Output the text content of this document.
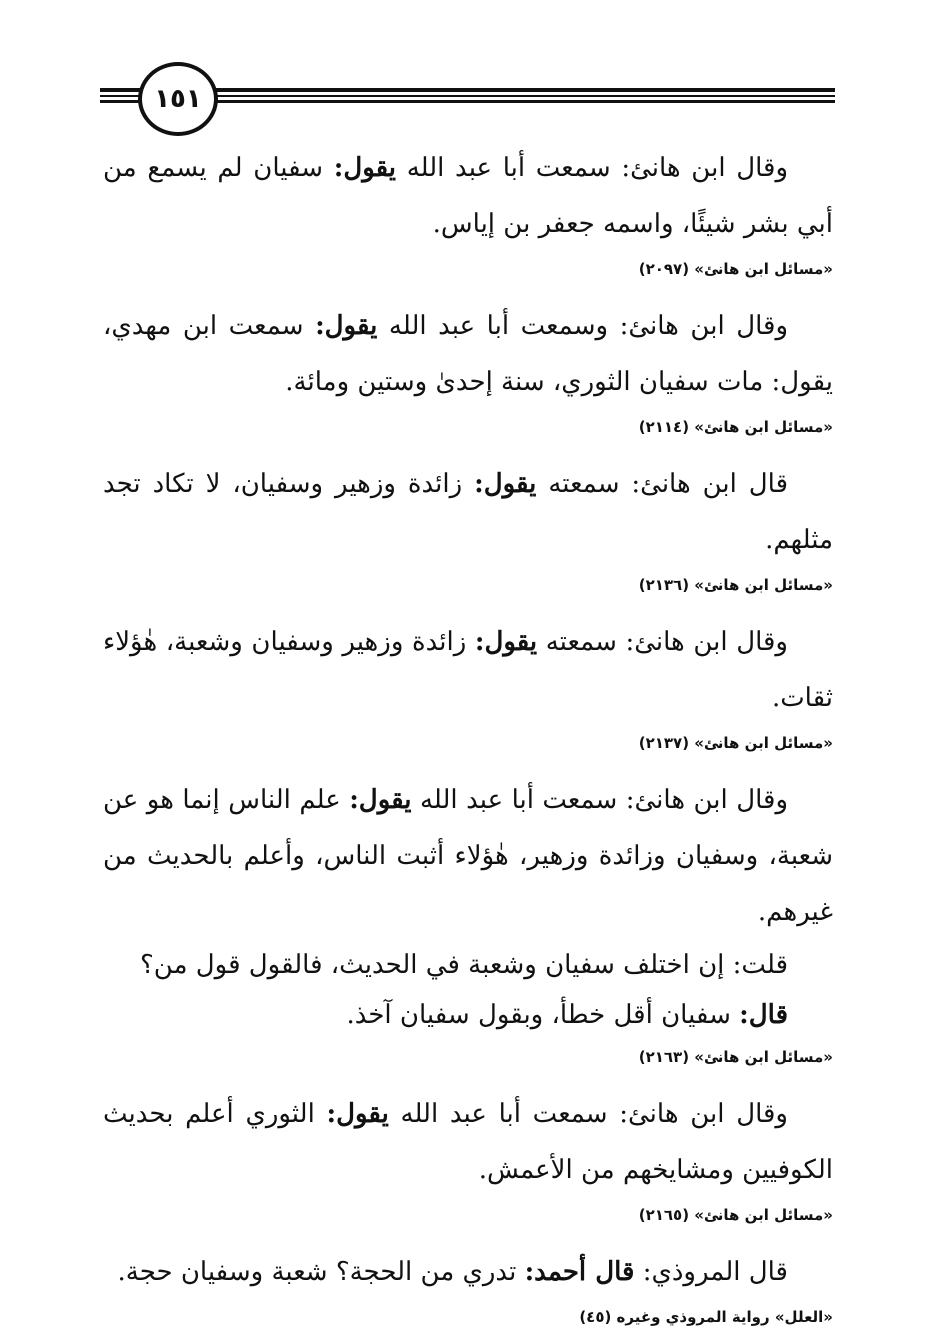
١٥١

وقال ابن هانئ: سمعت أبا عبد الله يقول: سفيان لم يسمع من أبي بشر شيئًا، واسمه جعفر بن إياس.

«مسائل ابن هانئ» (٢٠٩٧)

وقال ابن هانئ: وسمعت أبا عبد الله يقول: سمعت ابن مهدي، يقول: مات سفيان الثوري، سنة إحدىٰ وستين ومائة.

«مسائل ابن هانئ» (٢١١٤)

قال ابن هانئ: سمعته يقول: زائدة وزهير وسفيان، لا تكاد تجد مثلهم.

«مسائل ابن هانئ» (٢١٣٦)

وقال ابن هانئ: سمعته يقول: زائدة وزهير وسفيان وشعبة، هٰؤلاء ثقات.

«مسائل ابن هانئ» (٢١٣٧)

وقال ابن هانئ: سمعت أبا عبد الله يقول: علم الناس إنما هو عن شعبة، وسفيان وزائدة وزهير، هٰؤلاء أثبت الناس، وأعلم بالحديث من غيرهم.

قلت: إن اختلف سفيان وشعبة في الحديث، فالقول قول من؟

قال: سفيان أقل خطأ، وبقول سفيان آخذ.

«مسائل ابن هانئ» (٢١٦٣)

وقال ابن هانئ: سمعت أبا عبد الله يقول: الثوري أعلم بحديث الكوفيين ومشايخهم من الأعمش.

«مسائل ابن هانئ» (٢١٦٥)

قال المروذي: قال أحمد: تدري من الحجة؟ شعبة وسفيان حجة.

«العلل» رواية المروذي وغيره (٤٥)
